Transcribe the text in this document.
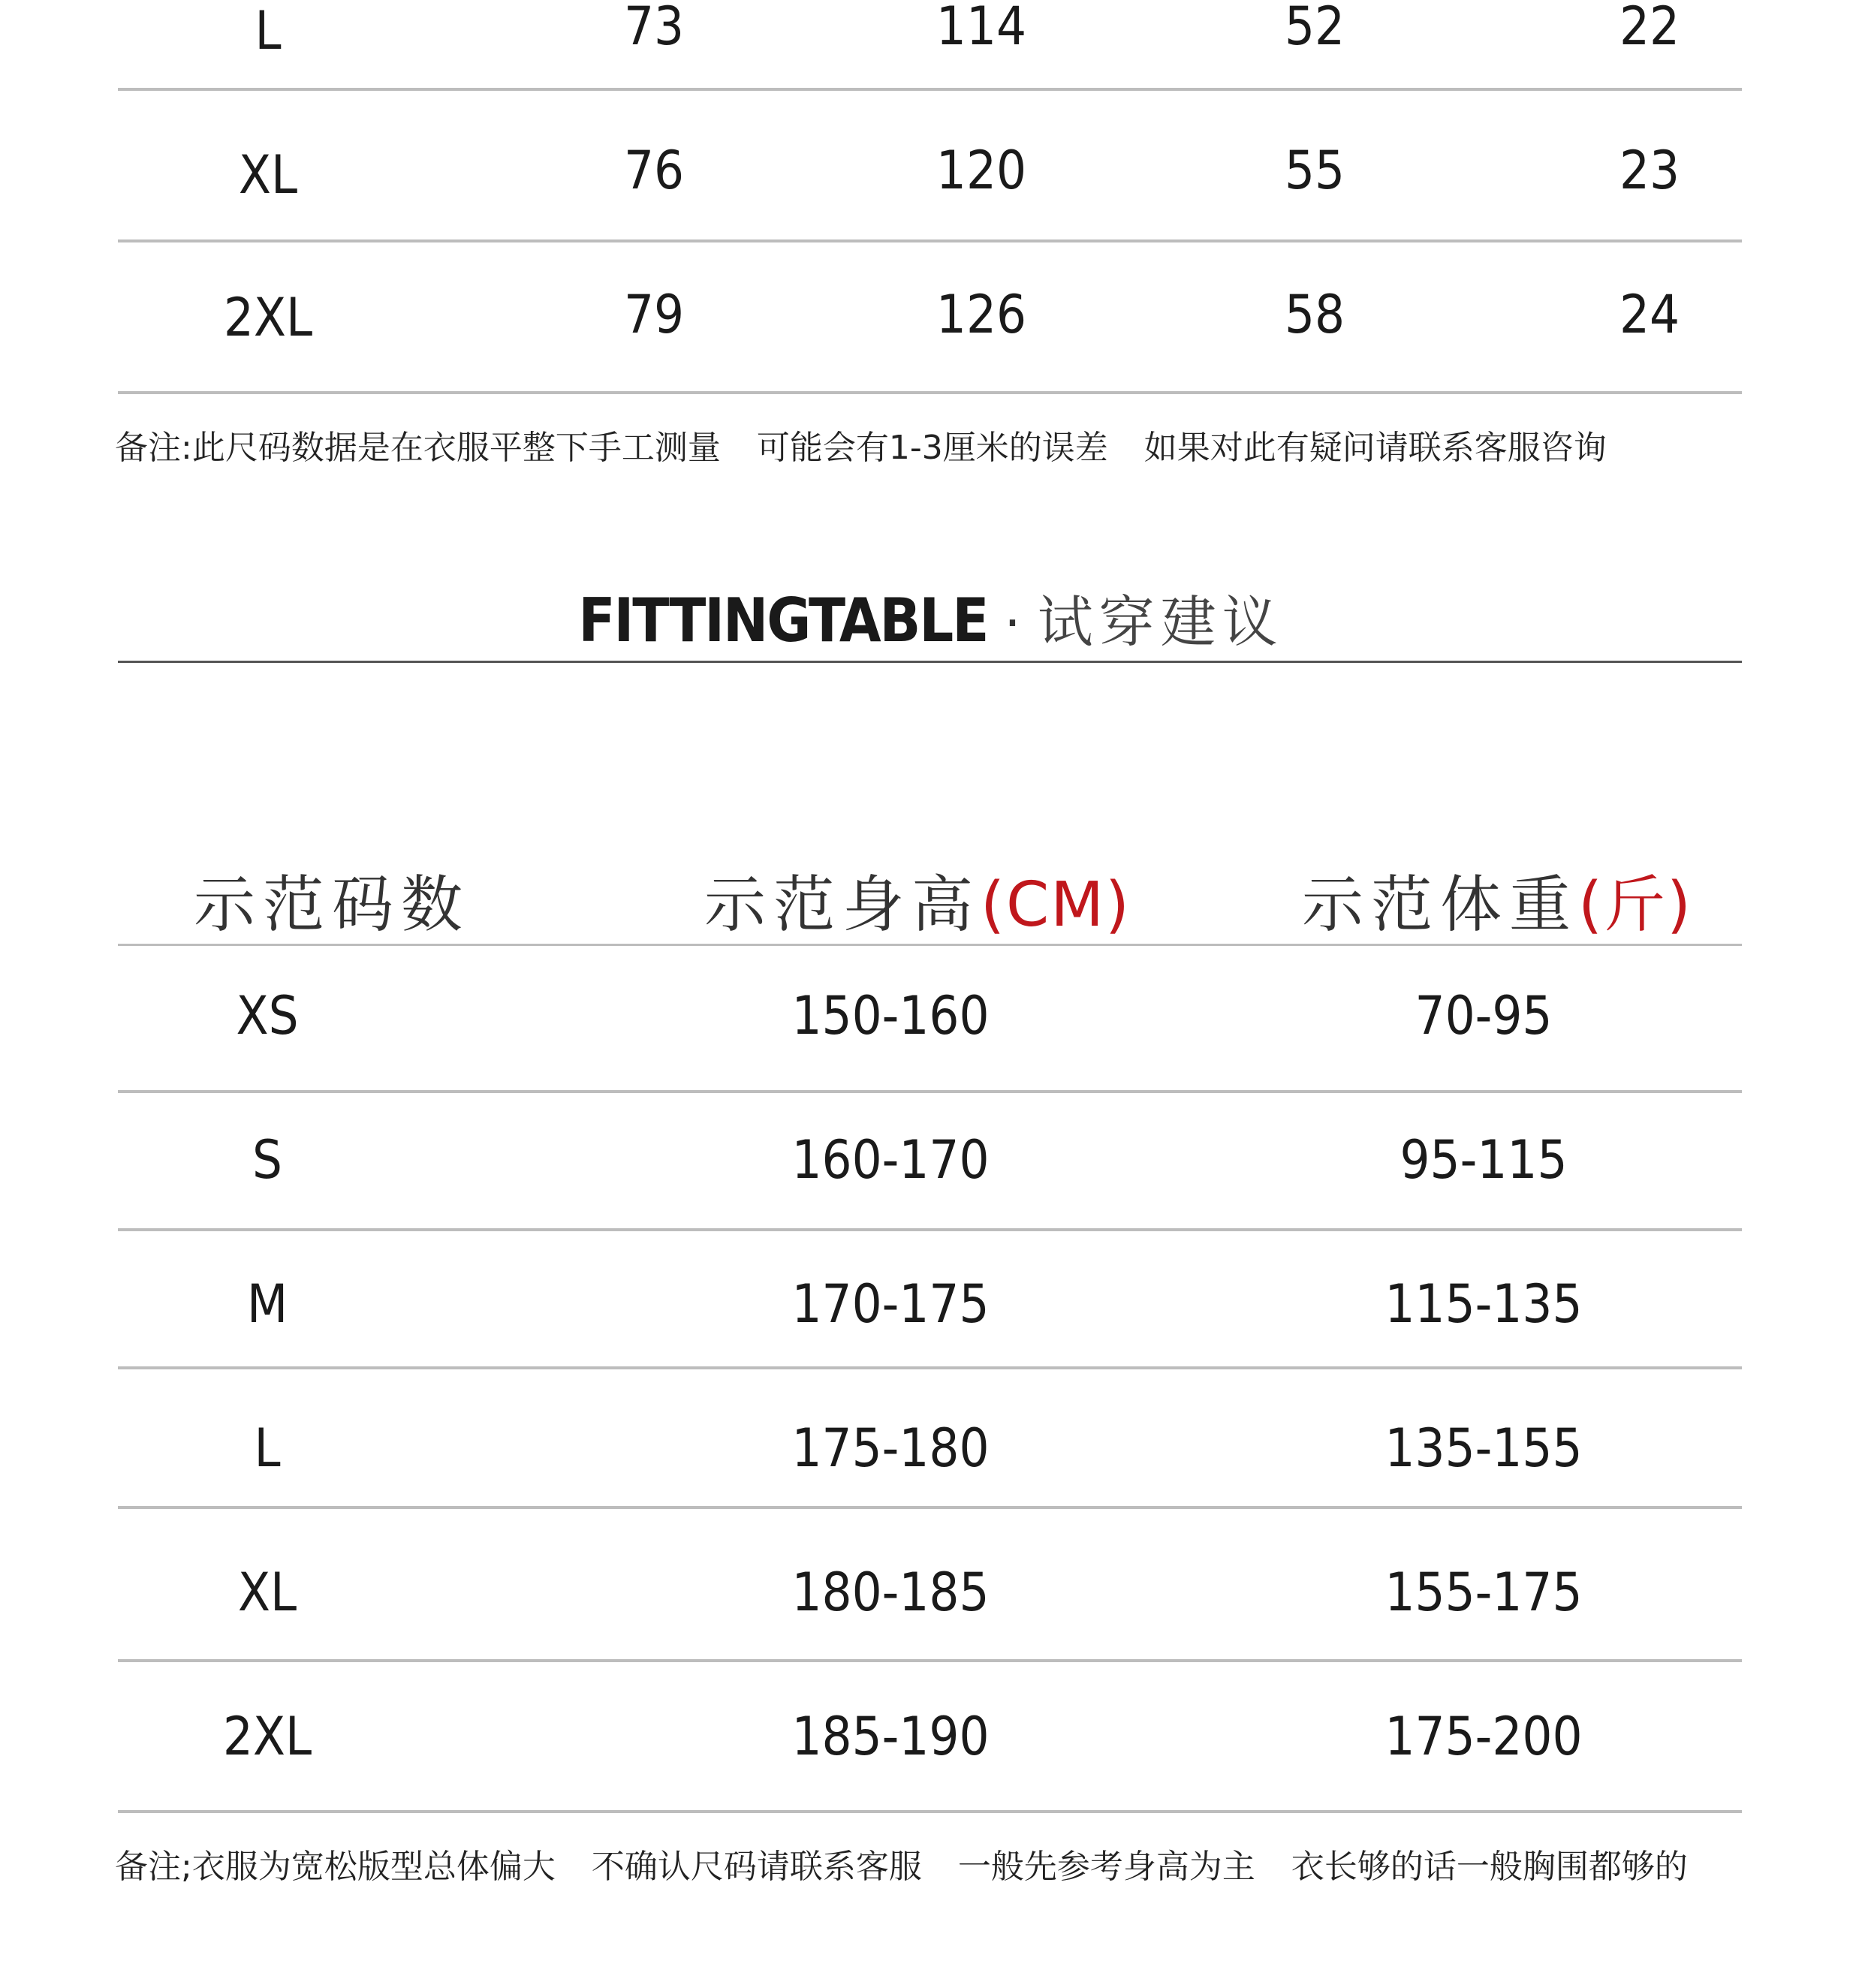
L	73	114	52	22
XL	76	120	55	23
2XL	79	126	58	24
备注:此尺码数据是在衣服平整下手工测量 可能会有1-3厘米的误差 如果对此有疑问请联系客服咨询
FITTINGTABLE · 试穿建议
示范码数	示范身高(CM)	示范体重(斤)
XS	150-160	70-95
S	160-170	95-115
M	170-175	115-135
L	175-180	135-155
XL	180-185	155-175
2XL	185-190	175-200
备注;衣服为宽松版型总体偏大 不确认尺码请联系客服 一般先参考身高为主 衣长够的话一般胸围都够的
